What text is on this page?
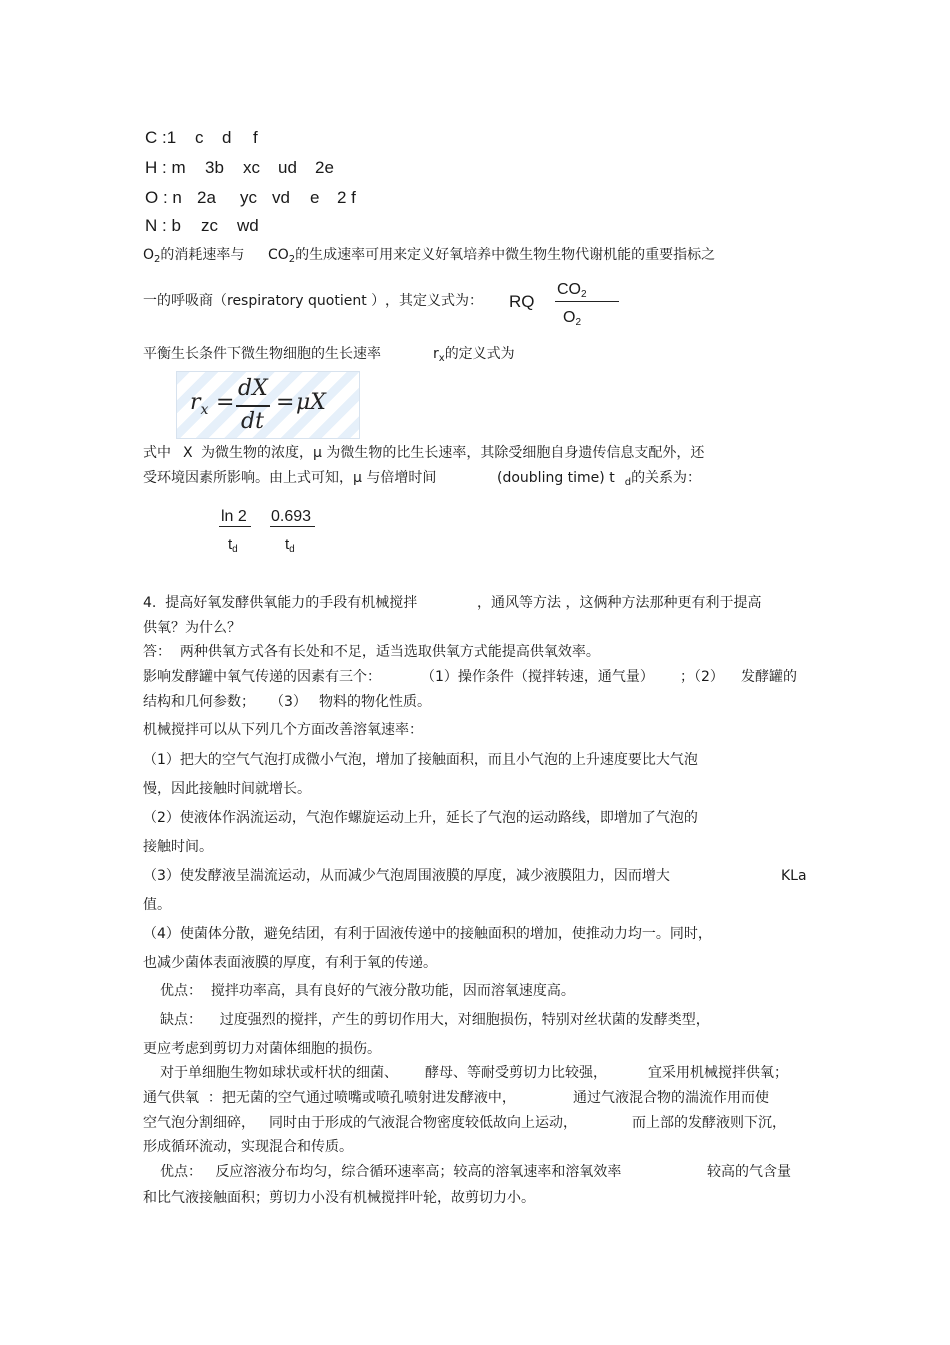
C :1 c d f
H : m 3b xc ud 2e
O : n 2a yc vd e 2 f
N : b zc wd
$O_2$的消耗速率与 $CO_2$的生成速率可用来定义好氧培养中微生物生物代谢机能的重要指标之
一的呼吸商（respiratory quotient ） ，其定义式为： RQ
$CO_2$
$O_2$
平衡生长条件下微生物细胞的生长速率	$r_x$的定义式为
$r_x$ =
dX
dt
= μX
式中 X 为微生物的浓度，μ 为微生物的比生长速率，其除受细胞自身遗传信息支配外，还
受环境因素所影响。由上式可知，μ 与倍增时间	(doubling time) t $_d$的关系为：
ln 2
$t_d$
0.693
$t_d$
4.  提高好氧发酵供氧能力的手段有机械搅拌	，通风等方法 ，这俩种方法那种更有利于提高
供氧？为什么？
答：  两种供氧方式各有长处和不足，适当选取供氧方式能提高供氧效率。
影响发酵罐中氧气传递的因素有三个：	（1）操作条件（搅拌转速，通气量） ；（2） 发酵罐的
结构和几何参数； （3） 物料的物化性质。
机械搅拌可以从下列几个方面改善溶氧速率：
（1）把大的空气气泡打成微小气泡，增加了接触面积，而且小气泡的上升速度要比大气泡
慢，因此接触时间就增长。
（2）使液体作涡流运动，气泡作螺旋运动上升，延长了气泡的运动路线，即增加了气泡的
接触时间。
（3）使发酵液呈湍流运动，从而减少气泡周围液膜的厚度，减少液膜阻力，因而增大	KLa
值。
（4）使菌体分散，避免结团，有利于固液传递中的接触面积的增加，使推动力均一。同时，
也减少菌体表面液膜的厚度，有利于氧的传递。
优点：  搅拌功率高，具有良好的气液分散功能，因而溶氧速度高。
缺点：    过度强烈的搅拌，产生的剪切作用大，对细胞损伤，特别对丝状菌的发酵类型，
更应考虑到剪切力对菌体细胞的损伤。
对于单细胞生物如球状或杆状的细菌、 酵母、等耐受剪切力比较强，	宜采用机械搅拌供氧；
通气供氧  ：把无菌的空气通过喷嘴或喷孔喷射进发酵液中，	通过气液混合物的湍流作用而使
空气泡分割细碎， 同时由于形成的气液混合物密度较低故向上运动，	而上部的发酵液则下沉，
形成循环流动，实现混合和传质。
优点：   反应溶液分布均匀，综合循环速率高；较高的溶氧速率和溶氧效率	较高的气含量
和比气液接触面积；剪切力小没有机械搅拌叶轮，故剪切力小。
